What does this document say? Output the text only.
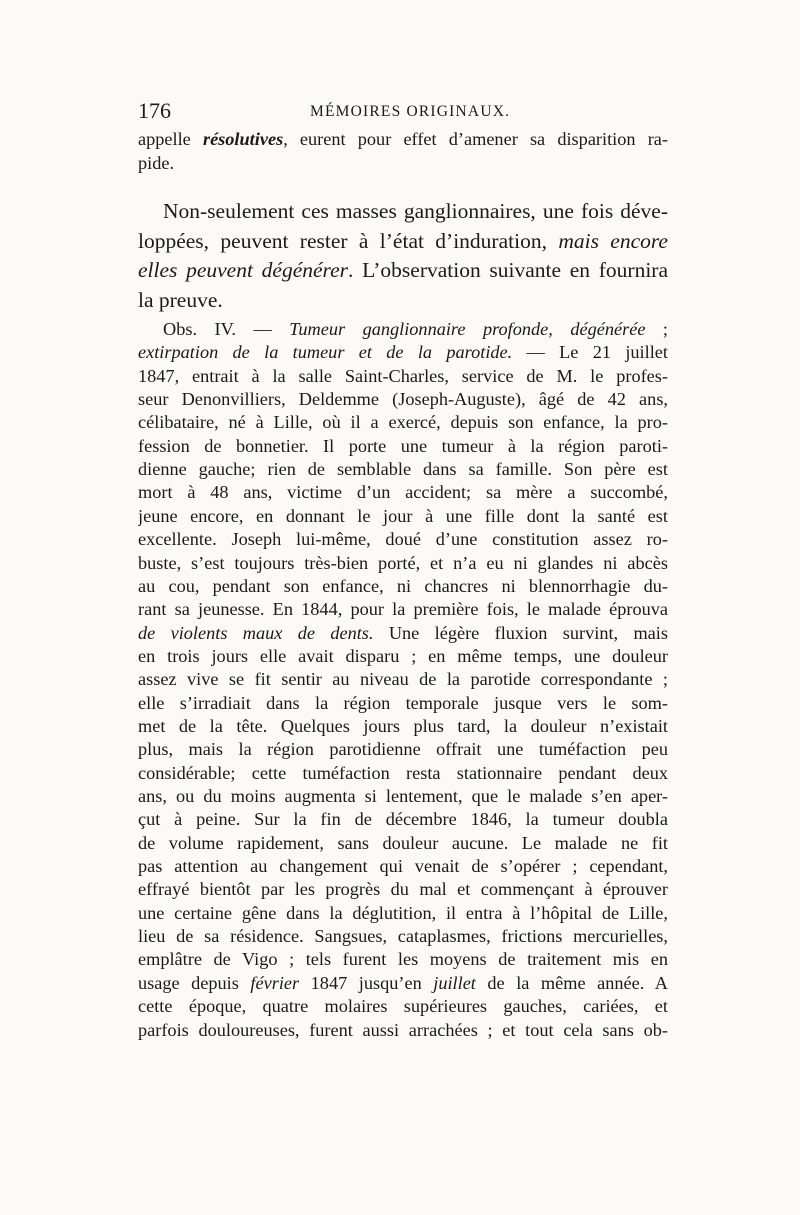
176	MÉMOIRES ORIGINAUX.
appelle résolutives, eurent pour effet d’amener sa disparition ra-
pide.
Non-seulement ces masses ganglionnaires, une fois déve-
loppées, peuvent rester à l’état d’induration, mais encore
elles peuvent dégénérer. L’observation suivante en fournira
la preuve.
Obs. IV. — Tumeur ganglionnaire profonde, dégénérée ;
extirpation de la tumeur et de la parotide. — Le 21 juillet
1847, entrait à la salle Saint-Charles, service de M. le profes-
seur Denonvilliers, Deldemme (Joseph-Auguste), âgé de 42 ans,
célibataire, né à Lille, où il a exercé, depuis son enfance, la pro-
fession de bonnetier. Il porte une tumeur à la région paroti-
dienne gauche; rien de semblable dans sa famille. Son père est
mort à 48 ans, victime d’un accident; sa mère a succombé,
jeune encore, en donnant le jour à une fille dont la santé est
excellente. Joseph lui-même, doué d’une constitution assez ro-
buste, s’est toujours très-bien porté, et n’a eu ni glandes ni abcès
au cou, pendant son enfance, ni chancres ni blennorrhagie du-
rant sa jeunesse. En 1844, pour la première fois, le malade éprouva
de violents maux de dents. Une légère fluxion survint, mais
en trois jours elle avait disparu ; en même temps, une douleur
assez vive se fit sentir au niveau de la parotide correspondante ;
elle s’irradiait dans la région temporale jusque vers le som-
met de la tête. Quelques jours plus tard, la douleur n’existait
plus, mais la région parotidienne offrait une tuméfaction peu
considérable; cette tuméfaction resta stationnaire pendant deux
ans, ou du moins augmenta si lentement, que le malade s’en aper-
çut à peine. Sur la fin de décembre 1846, la tumeur doubla
de volume rapidement, sans douleur aucune. Le malade ne fit
pas attention au changement qui venait de s’opérer ; cependant,
effrayé bientôt par les progrès du mal et commençant à éprouver
une certaine gêne dans la déglutition, il entra à l’hôpital de Lille,
lieu de sa résidence. Sangsues, cataplasmes, frictions mercurielles,
emplâtre de Vigo ; tels furent les moyens de traitement mis en
usage depuis février 1847 jusqu’en juillet de la même année. A
cette époque, quatre molaires supérieures gauches, cariées, et
parfois douloureuses, furent aussi arrachées ; et tout cela sans ob-
